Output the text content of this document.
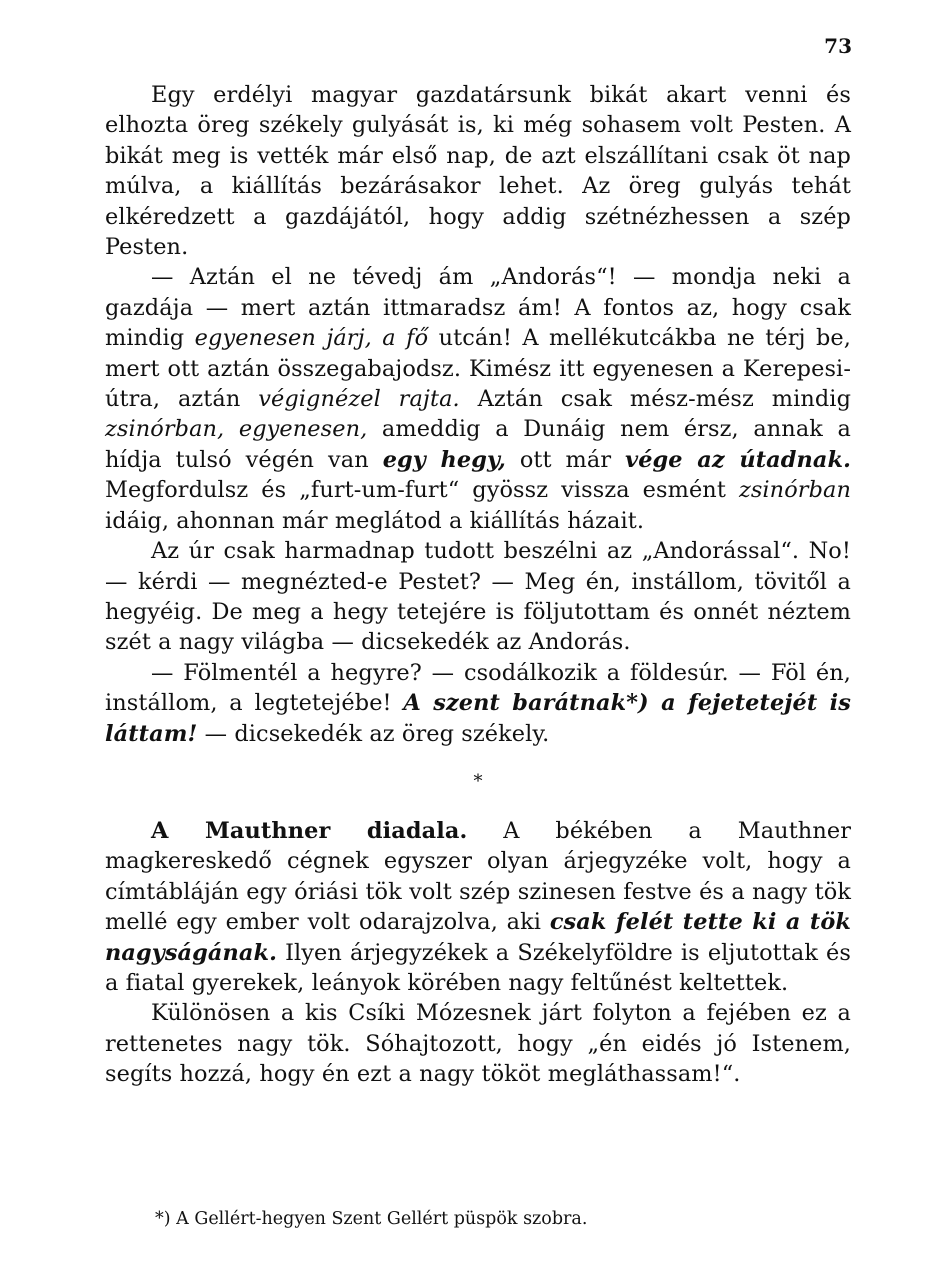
73

Egy erdélyi magyar gazdatársunk bikát akart venni és elhozta öreg székely gulyását is, ki még sohasem volt Pesten. A bikát meg is vették már első nap, de azt elszállítani csak öt nap múlva, a kiállítás bezárásakor lehet. Az öreg gulyás tehát elkéredzett a gazdájától, hogy addig szétnézhessen a szép Pesten.

— Aztán el ne tévedj ám „Andorás“! — mondja neki a gazdája — mert aztán ittmaradsz ám! A fontos az, hogy csak mindig egyenesen járj, a fő utcán! A mellékutcákba ne térj be, mert ott aztán összegabajodsz. Kimész itt egyenesen a Kerepesi-útra, aztán végignézel rajta. Aztán csak mész-mész mindig zsinórban, egyenesen, ameddig a Dunáig nem érsz, annak a hídja tulsó végén van egy hegy, ott már vége az útadnak. Megfordulsz és „furt-um-furt“ gyössz vissza esmént zsinórban idáig, ahonnan már meglátod a kiállítás házait.

Az úr csak harmadnap tudott beszélni az „Andorással“. No! — kérdi — megnézted-e Pestet? — Meg én, instállom, tövitől a hegyéig. De meg a hegy tetejére is följutottam és onnét néztem szét a nagy világba — dicsekedék az Andorás.

— Fölmentél a hegyre? — csodálkozik a földesúr. — Föl én, instállom, a legtetejébe! A szent barátnak*) a fejetetejét is láttam! — dicsekedék az öreg székely.

*

A Mauthner diadala. A békében a Mauthner magkereskedő cégnek egyszer olyan árjegyzéke volt, hogy a címtábláján egy óriási tök volt szép szinesen festve és a nagy tök mellé egy ember volt odarajzolva, aki csak felét tette ki a tök nagyságának. Ilyen árjegyzékek a Székelyföldre is eljutottak és a fiatal gyerekek, leányok körében nagy feltűnést keltettek.

Különösen a kis Csíki Mózesnek járt folyton a fejében ez a rettenetes nagy tök. Sóhajtozott, hogy „én eidés jó Istenem, segíts hozzá, hogy én ezt a nagy tököt megláthassam!“.

*) A Gellért-hegyen Szent Gellért püspök szobra.
